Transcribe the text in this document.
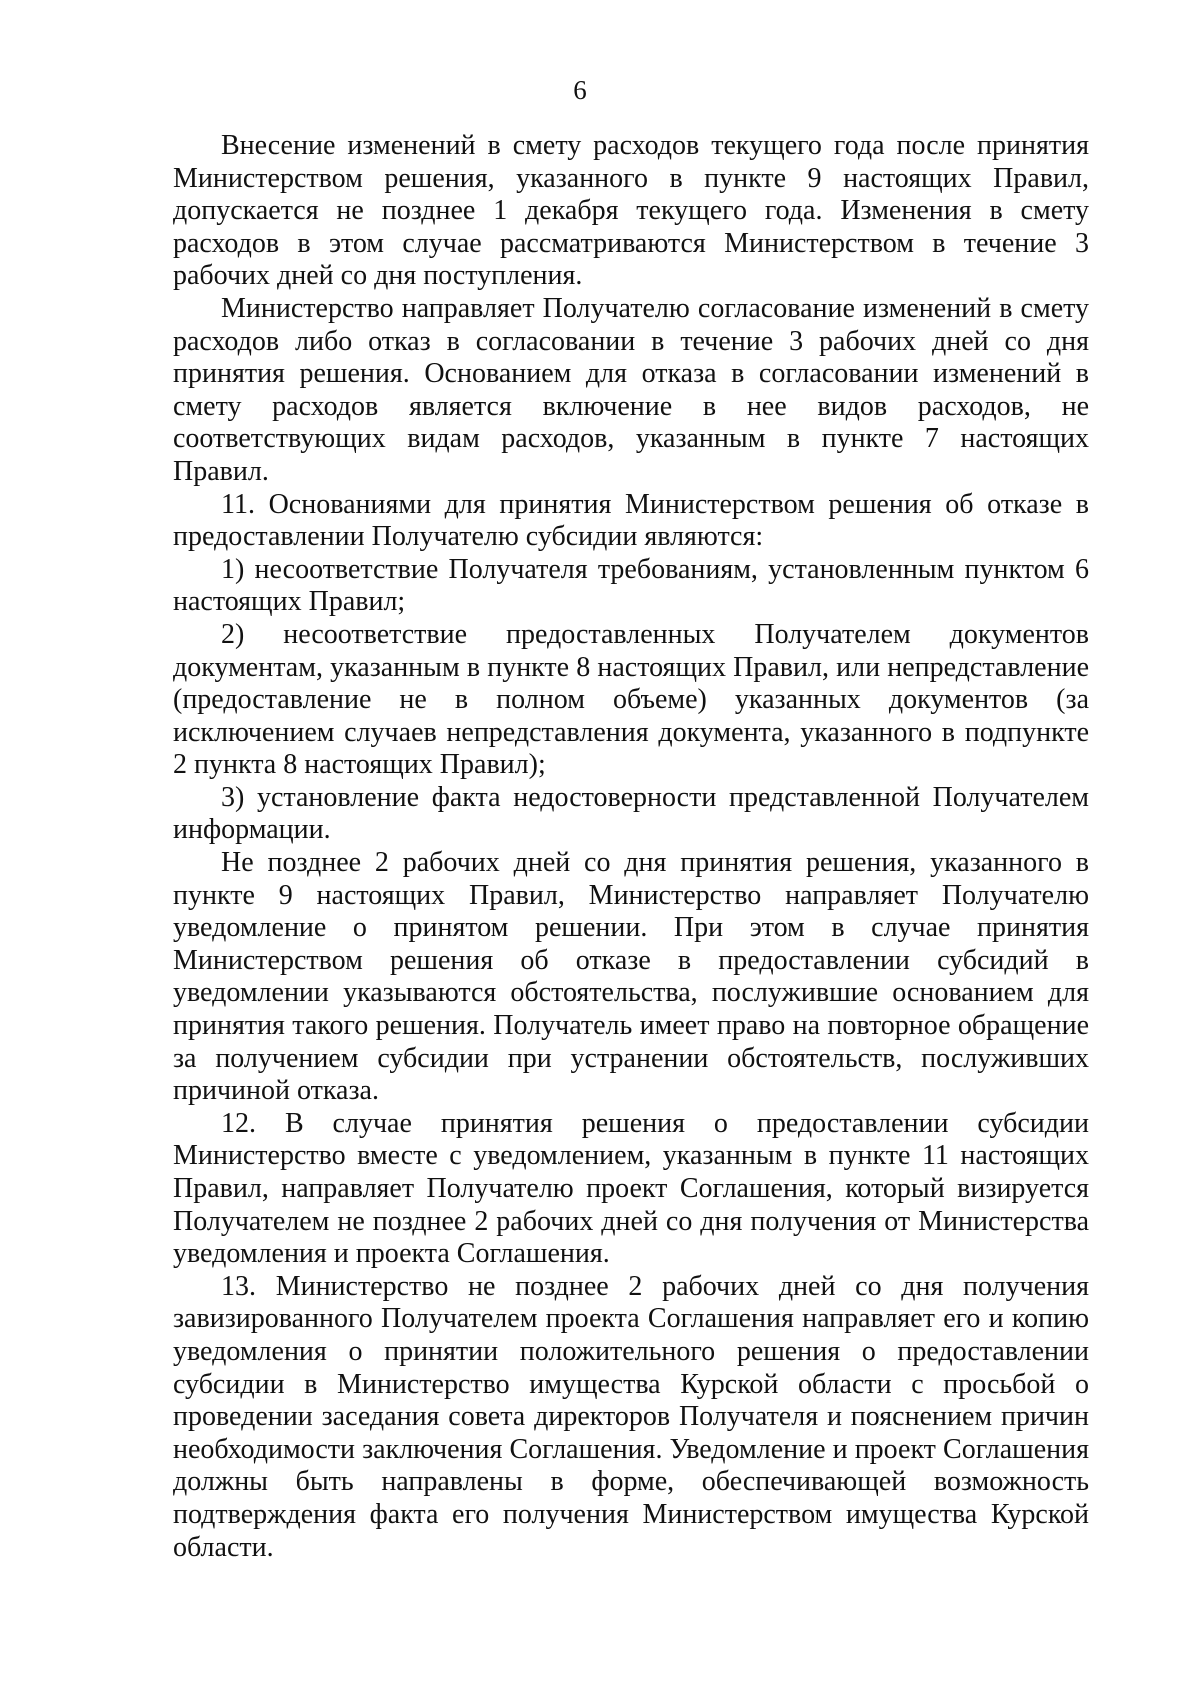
6

Внесение изменений в смету расходов текущего года после принятия Министерством решения, указанного в пункте 9 настоящих Правил, допускается не позднее 1 декабря текущего года. Изменения в смету расходов в этом случае рассматриваются Министерством в течение 3 рабочих дней со дня поступления.

Министерство направляет Получателю согласование изменений в смету расходов либо отказ в согласовании в течение 3 рабочих дней со дня принятия решения. Основанием для отказа в согласовании изменений в смету расходов является включение в нее видов расходов, не соответствующих видам расходов, указанным в пункте 7 настоящих Правил.

11. Основаниями для принятия Министерством решения об отказе в предоставлении Получателю субсидии являются:

1) несоответствие Получателя требованиям, установленным пунктом 6 настоящих Правил;

2) несоответствие предоставленных Получателем документов документам, указанным в пункте 8 настоящих Правил, или непредставление (предоставление не в полном объеме) указанных документов (за исключением случаев непредставления документа, указанного в подпункте 2 пункта 8 настоящих Правил);

3) установление факта недостоверности представленной Получателем информации.

Не позднее 2 рабочих дней со дня принятия решения, указанного в пункте 9 настоящих Правил, Министерство направляет Получателю уведомление о принятом решении. При этом в случае принятия Министерством решения об отказе в предоставлении субсидий в уведомлении указываются обстоятельства, послужившие основанием для принятия такого решения. Получатель имеет право на повторное обращение за получением субсидии при устранении обстоятельств, послуживших причиной отказа.

12. В случае принятия решения о предоставлении субсидии Министерство вместе с уведомлением, указанным в пункте 11 настоящих Правил, направляет Получателю проект Соглашения, который визируется Получателем не позднее 2 рабочих дней со дня получения от Министерства уведомления и проекта Соглашения.

13. Министерство не позднее 2 рабочих дней со дня получения завизированного Получателем проекта Соглашения направляет его и копию уведомления о принятии положительного решения о предоставлении субсидии в Министерство имущества Курской области с просьбой о проведении заседания совета директоров Получателя и пояснением причин необходимости заключения Соглашения. Уведомление и проект Соглашения должны быть направлены в форме, обеспечивающей возможность подтверждения факта его получения Министерством имущества Курской области.
